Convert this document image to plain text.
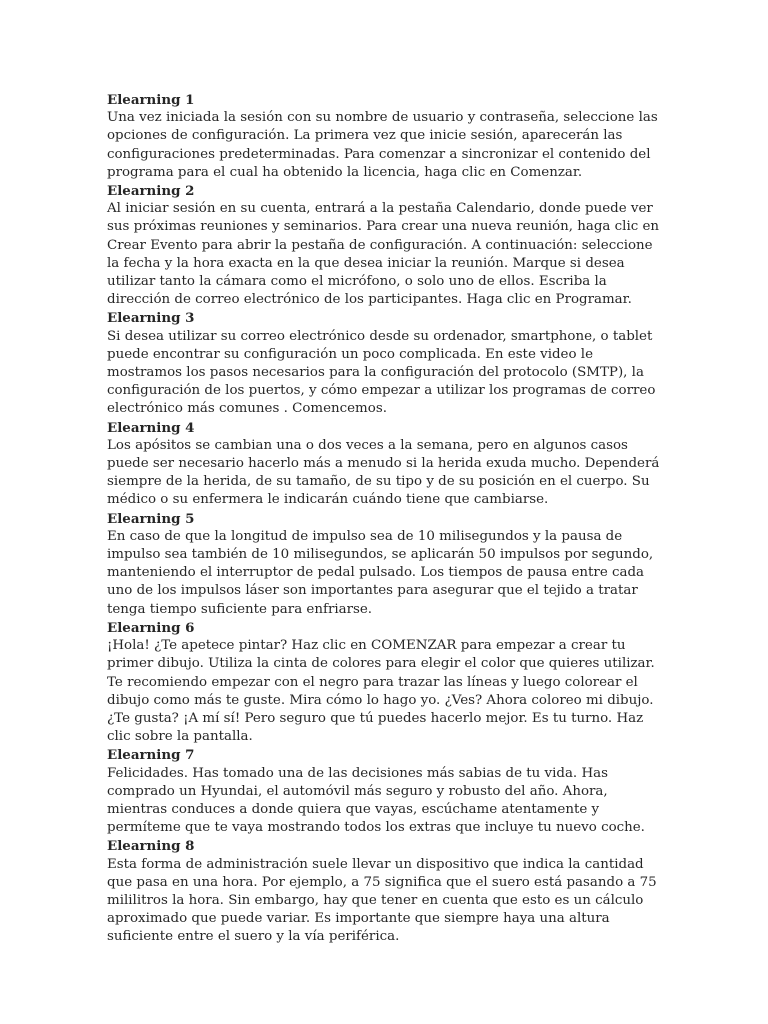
Elearning 1

Una vez iniciada la sesión con su nombre de usuario y contraseña, seleccione las opciones de configuración. La primera vez que inicie sesión, aparecerán las configuraciones predeterminadas. Para comenzar a sincronizar el contenido del programa para el cual ha obtenido la licencia, haga clic en Comenzar.

Elearning 2

Al iniciar sesión en su cuenta, entrará a la pestaña Calendario, donde puede ver sus próximas reuniones y seminarios. Para crear una nueva reunión, haga clic en Crear Evento para abrir la pestaña de configuración. A continuación: seleccione la fecha y la hora exacta en la que desea iniciar la reunión. Marque si desea utilizar tanto la cámara como el micrófono, o solo uno de ellos. Escriba la dirección de correo electrónico de los participantes. Haga clic en Programar.

Elearning 3

Si desea utilizar su correo electrónico desde su ordenador, smartphone, o tablet puede encontrar su configuración un poco complicada. En este video le mostramos los pasos necesarios para la configuración del protocolo (SMTP), la configuración de los puertos, y cómo empezar a utilizar los programas de correo electrónico más comunes . Comencemos.

Elearning 4

Los apósitos se cambian una o dos veces a la semana, pero en algunos casos puede ser necesario hacerlo más a menudo si la herida exuda mucho. Dependerá siempre de la herida, de su tamaño, de su tipo y de su posición en el cuerpo. Su médico o su enfermera le indicarán cuándo tiene que cambiarse.

Elearning 5

En caso de que la longitud de impulso sea de 10 milisegundos y la pausa de impulso sea también de 10 milisegundos, se aplicarán 50 impulsos por segundo, manteniendo el interruptor de pedal pulsado. Los tiempos de pausa entre cada uno de los impulsos láser son importantes para asegurar que el tejido a tratar tenga tiempo suficiente para enfriarse.

Elearning 6

¡Hola! ¿Te apetece pintar? Haz clic en COMENZAR para empezar a crear tu primer dibujo. Utiliza la cinta de colores para elegir el color que quieres utilizar. Te recomiendo empezar con el negro para trazar las líneas y luego colorear el dibujo como más te guste. Mira cómo lo hago yo. ¿Ves? Ahora coloreo mi dibujo. ¿Te gusta? ¡A mí sí! Pero seguro que tú puedes hacerlo mejor. Es tu turno. Haz clic sobre la pantalla.

Elearning 7

Felicidades. Has tomado una de las decisiones más sabias de tu vida. Has comprado un Hyundai, el automóvil más seguro y robusto del año. Ahora, mientras conduces a donde quiera que vayas, escúchame atentamente y permíteme que te vaya mostrando todos los extras que incluye tu nuevo coche.

Elearning 8

Esta forma de administración suele llevar un dispositivo que indica la cantidad que pasa en una hora. Por ejemplo, a 75 significa que el suero está pasando a 75 mililitros la hora. Sin embargo, hay que tener en cuenta que esto es un cálculo aproximado que puede variar. Es importante que siempre haya una altura suficiente entre el suero y la vía periférica.
